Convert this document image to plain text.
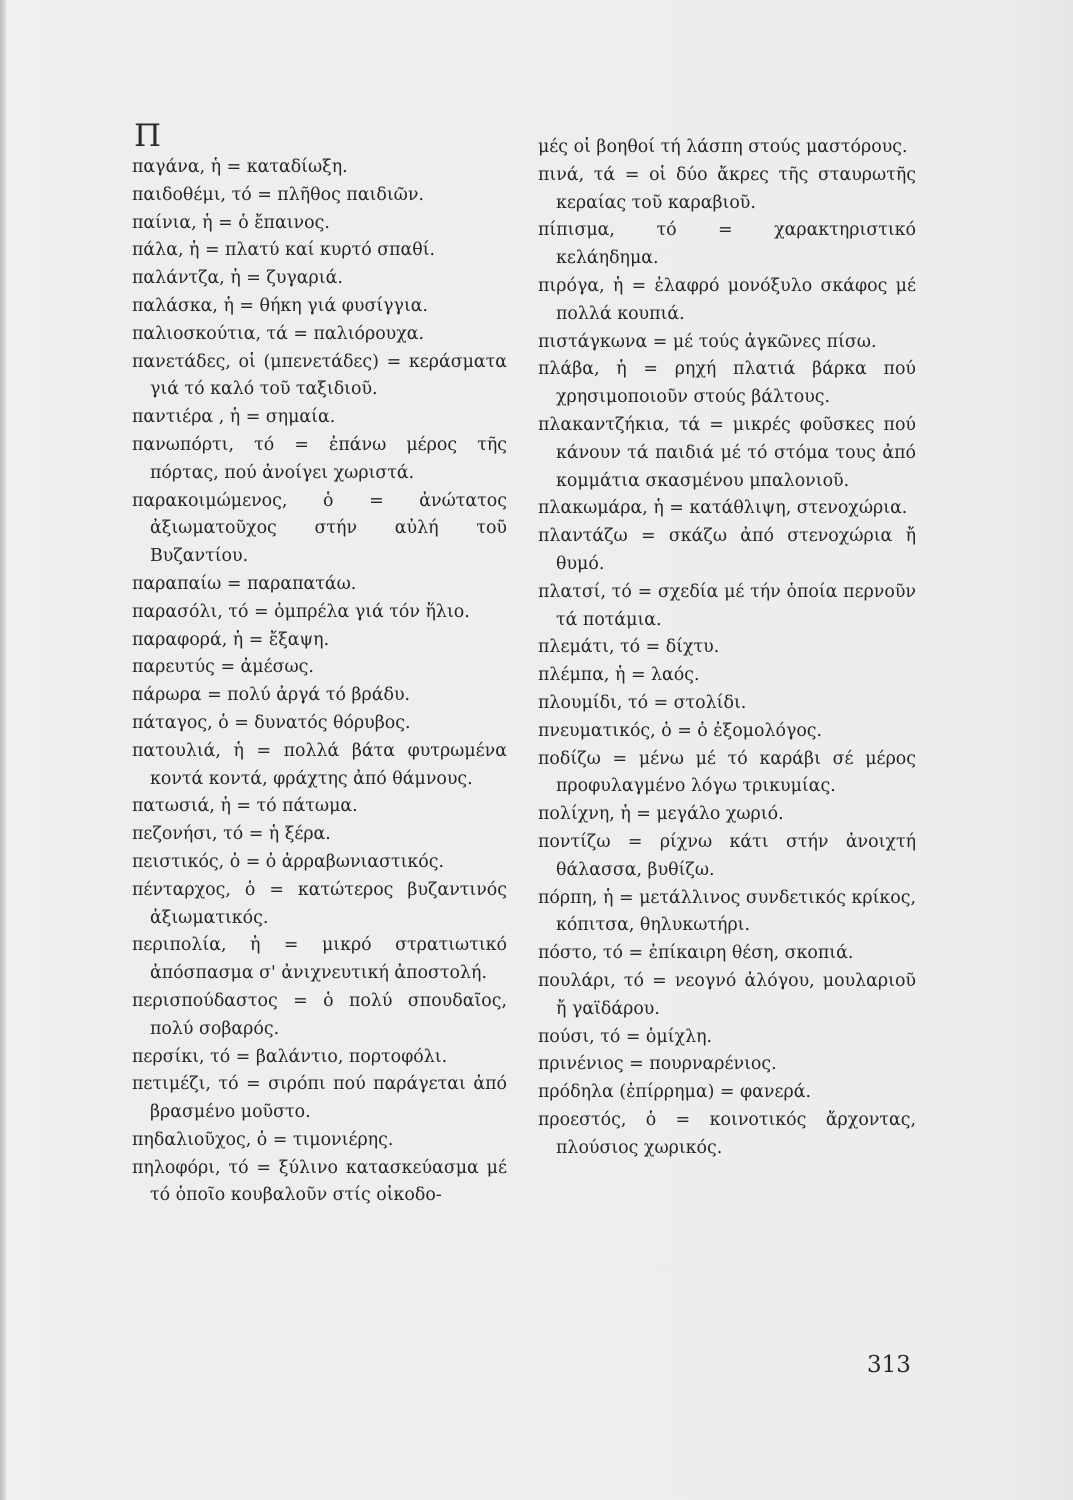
Π

παγάνα, ἡ = καταδίωξη.

παιδοθέμι, τό = πλῆθος παιδιῶν.

παίνια, ἡ = ὁ ἔπαινος.

πάλα, ἡ = πλατύ καί κυρτό σπαθί.

παλάντζα, ἡ = ζυγαριά.

παλάσκα, ἡ = θήκη γιά φυσίγγια.

παλιοσκούτια, τά = παλιόρουχα.

πανετάδες, οἱ (μπενετάδες) = κεράσματα γιά τό καλό τοῦ ταξιδιοῦ.

παντιέρα , ἡ = σημαία.

πανωπόρτι, τό = ἐπάνω μέρος τῆς πόρτας, πού ἀνοίγει χωριστά.

παρακοιμώμενος, ὁ = ἀνώτατος ἀξιωματοῦχος στήν αὐλή τοῦ Βυζαντίου.

παραπαίω = παραπατάω.

παρασόλι, τό = ὀμπρέλα γιά τόν ἥλιο.

παραφορά, ἡ = ἔξαψη.

παρευτύς = ἀμέσως.

πάρωρα = πολύ ἀργά τό βράδυ.

πάταγος, ὁ = δυνατός θόρυβος.

πατουλιά, ἡ = πολλά βάτα φυτρωμένα κοντά κοντά, φράχτης ἀπό θάμνους.

πατωσιά, ἡ = τό πάτωμα.

πεζονήσι, τό = ἡ ξέρα.

πειστικός, ὁ = ὁ ἀρραβωνιαστικός.

πένταρχος, ὁ = κατώτερος βυζαντινός ἀξιωματικός.

περιπολία, ἡ = μικρό στρατιωτικό ἀπόσπασμα σ' ἀνιχνευτική ἀποστολή.

περισπούδαστος = ὁ πολύ σπουδαῖος, πολύ σοβαρός.

περσίκι, τό = βαλάντιο, πορτοφόλι.

πετιμέζι, τό = σιρόπι πού παράγεται ἀπό βρασμένο μοῦστο.

πηδαλιοῦχος, ὁ = τιμονιέρης.

πηλοφόρι, τό = ξύλινο κατασκεύασμα μέ τό ὁποῖο κουβαλοῦν στίς οἰκοδο-

μές οἱ βοηθοί τή λάσπη στούς μαστόρους.

πινά, τά = οἱ δύο ἄκρες τῆς σταυρωτῆς κεραίας τοῦ καραβιοῦ.

πίπισμα, τό = χαρακτηριστικό κελάηδημα.

πιρόγα, ἡ = ἐλαφρό μονόξυλο σκάφος μέ πολλά κουπιά.

πιστάγκωνα = μέ τούς ἀγκῶνες πίσω.

πλάβα, ἡ = ρηχή πλατιά βάρκα πού χρησιμοποιοῦν στούς βάλτους.

πλακαντζήκια, τά = μικρές φοῦσκες πού κάνουν τά παιδιά μέ τό στόμα τους ἀπό κομμάτια σκασμένου μπαλονιοῦ.

πλακωμάρα, ἡ = κατάθλιψη, στενοχώρια.

πλαντάζω = σκάζω ἀπό στενοχώρια ἤ θυμό.

πλατσί, τό = σχεδία μέ τήν ὁποία περνοῦν τά ποτάμια.

πλεμάτι, τό = δίχτυ.

πλέμπα, ἡ = λαός.

πλουμίδι, τό = στολίδι.

πνευματικός, ὁ = ὁ ἐξομολόγος.

ποδίζω = μένω μέ τό καράβι σέ μέρος προφυλαγμένο λόγω τρικυμίας.

πολίχνη, ἡ = μεγάλο χωριό.

ποντίζω = ρίχνω κάτι στήν ἀνοιχτή θάλασσα, βυθίζω.

πόρπη, ἡ = μετάλλινος συνδετικός κρίκος, κόπιτσα, θηλυκωτήρι.

πόστο, τό = ἐπίκαιρη θέση, σκοπιά.

πουλάρι, τό = νεογνό ἀλόγου, μουλαριοῦ ἤ γαϊδάρου.

πούσι, τό = ὁμίχλη.

πρινένιος = πουρναρένιος.

πρόδηλα (ἐπίρρημα) = φανερά.

προεστός, ὁ = κοινοτικός ἄρχοντας, πλούσιος χωρικός.

313
